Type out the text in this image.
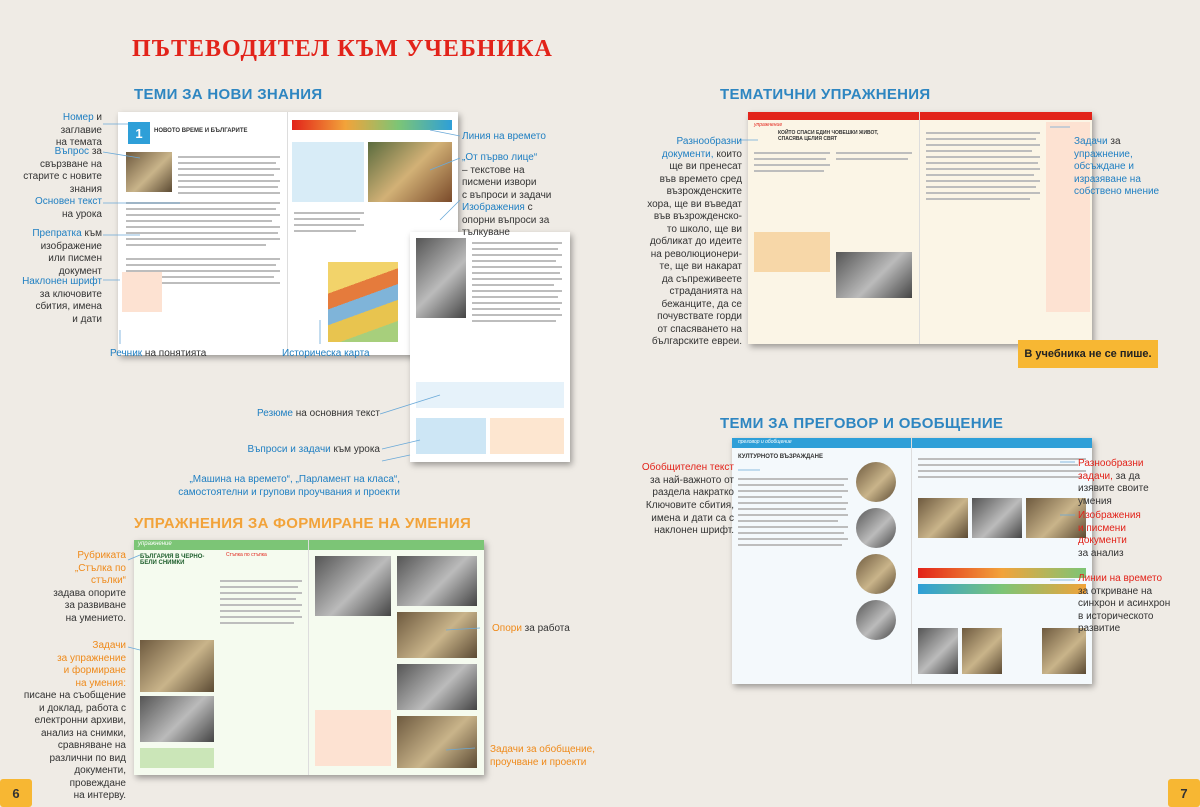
ПЪТЕВОДИТЕЛ КЪМ УЧЕБНИКА
ТЕМИ ЗА НОВИ ЗНАНИЯ	ТЕМАТИЧНИ УПРАЖНЕНИЯ
УПРАЖНЕНИЯ ЗА ФОРМИРАНЕ НА УМЕНИЯ
ТЕМИ ЗА ПРЕГОВОР И ОБОБЩЕНИЕ
1	НОВОТО ВРЕМЕ И БЪЛГАРИТЕ
упражнение
КОЙТО СПАСИ ЕДИН ЧОВЕШКИ ЖИВОТ, СПАСЯВА ЦЕЛИЯ СВЯТ
упражнение
БЪЛГАРИЯ В ЧЕРНО-БЕЛИ СНИМКИ
Стъпка по стъпка
преговор и обобщение
КУЛТУРНОТО ВЪЗРАЖДАНЕ
Номер и заглавие
на темата
Въпрос за
свързване на
старите с новите
знания
Основен текст
на урока
Препратка към
изображение
или писмен
документ
Наклонен шрифт
за ключовите
сбития, имена
и дати
Речник на понятията
Линия на времето
„От първо лице“
– текстове на
писмени извори
с въпроси и задачи
Изображения с
опорни въпроси за
тълкуване
Историческа карта
Резюме на основния текст
Въпроси и задачи към урока
„Машина на времето“, „Парламент на класа“,
самостоятелни и групови проучвания и проекти
Разнообразни
документи, които
ще ви пренесат
във времето сред
възрожденските
хора, ще ви въведат
във възрожденско-
то школо, ще ви
добликат до идеите
на революционери-
те, ще ви накарат
да съпреживеете
страданията на
бежанците, да се
почувствате горди
от спасяването на
българските евреи.
Задачи за
упражнение,
обсъждане и
изразяване на
собствено мнение
В учебника не се пише.
Рубриката
„Стълка по
стълки“
задава опорите
за развиване
на умението.
Задачи
за упражнение
и формиране
на умения:
писане на съобщение
и доклад, работа с
електронни архиви,
анализ на снимки,
сравняване на
различни по вид
документи, провеждане
на интерву.
Опори за работа
Задачи за обобщение,
проучване и проекти
Обобщителен текст
за най-важното от
раздела накратко
Ключовите сбития,
имена и дати са с
наклонен шрифт.
Разнообразни
задачи, за да
изявите своите
умения
Изображения
и писмени
документи
за анализ
Линии на времето
за откриване на
синхрон и асинхрон
в историческото
развитие
6	7
